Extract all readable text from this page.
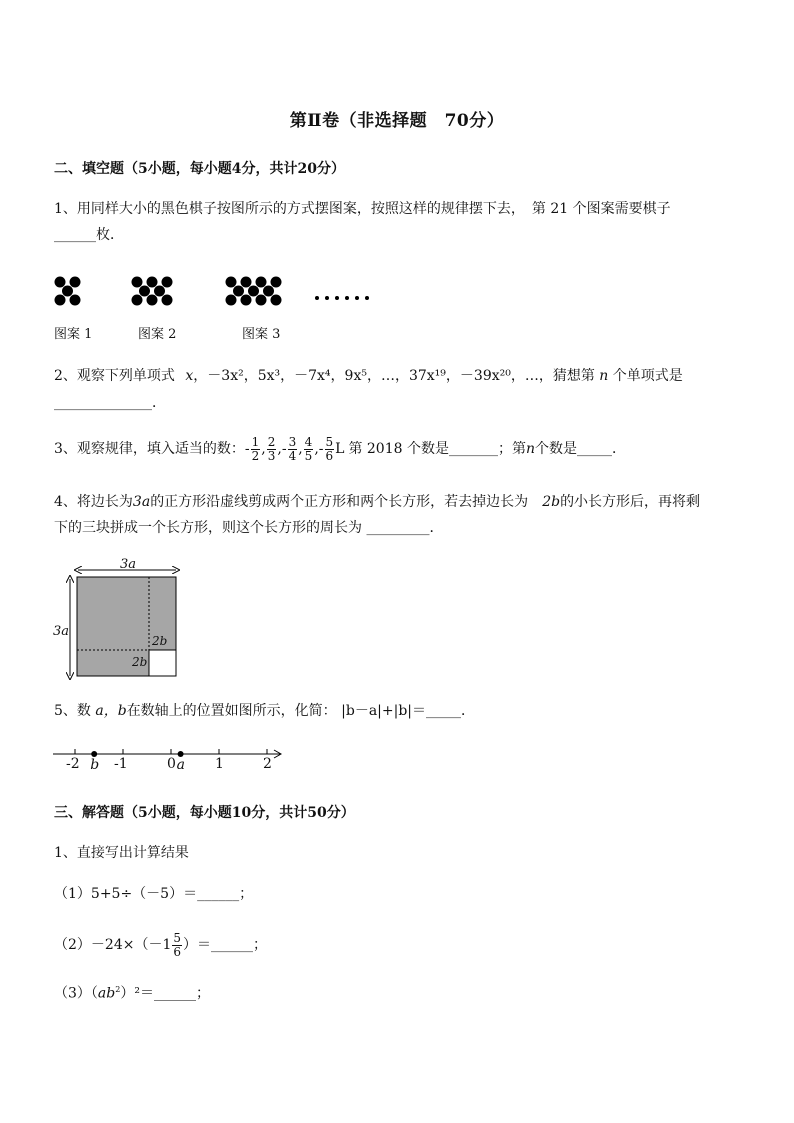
第Ⅱ卷（非选择题　70分）
二、填空题（5小题，每小题4分，共计20分）
1、用同样大小的黑色棋子按图所示的方式摆图案，按照这样的规律摆下去，　第 21 个图案需要棋子
______枚．
图案 1	图案 2	图案 3
2、观察下列单项式 x，－3x²，5x³，－7x⁴，9x⁵，…，37x¹⁹，－39x²⁰，…，猜想第 n 个单项式是
______________．
3、观察规律，填入适当的数： - $\frac{1}{2}$ , $\frac{2}{3}$ , - $\frac{3}{4}$ , $\frac{4}{5}$ , - $\frac{5}{6}$ L 第 2018 个数是_______；第 n 个数是_____．
4、将边长为3a的正方形沿虚线剪成两个正方形和两个长方形，若去掉边长为　2b的小长方形后，再将剩
下的三块拼成一个长方形，则这个长方形的周长为 _________．
3a
3a
2b
2b
5、数 a，b在数轴上的位置如图所示，化简： |b－a|+|b|＝_____．
-2 -1	0	1	2
b	a
三、解答题（5小题，每小题10分，共计50分）
1、直接写出计算结果
（1）5+5÷（－5）＝______；
$(2)-24\times(-1 \frac{5}{6}$ ）＝______；
$(3)(ab^2)^2=\_\_\_\_\_\_$；
